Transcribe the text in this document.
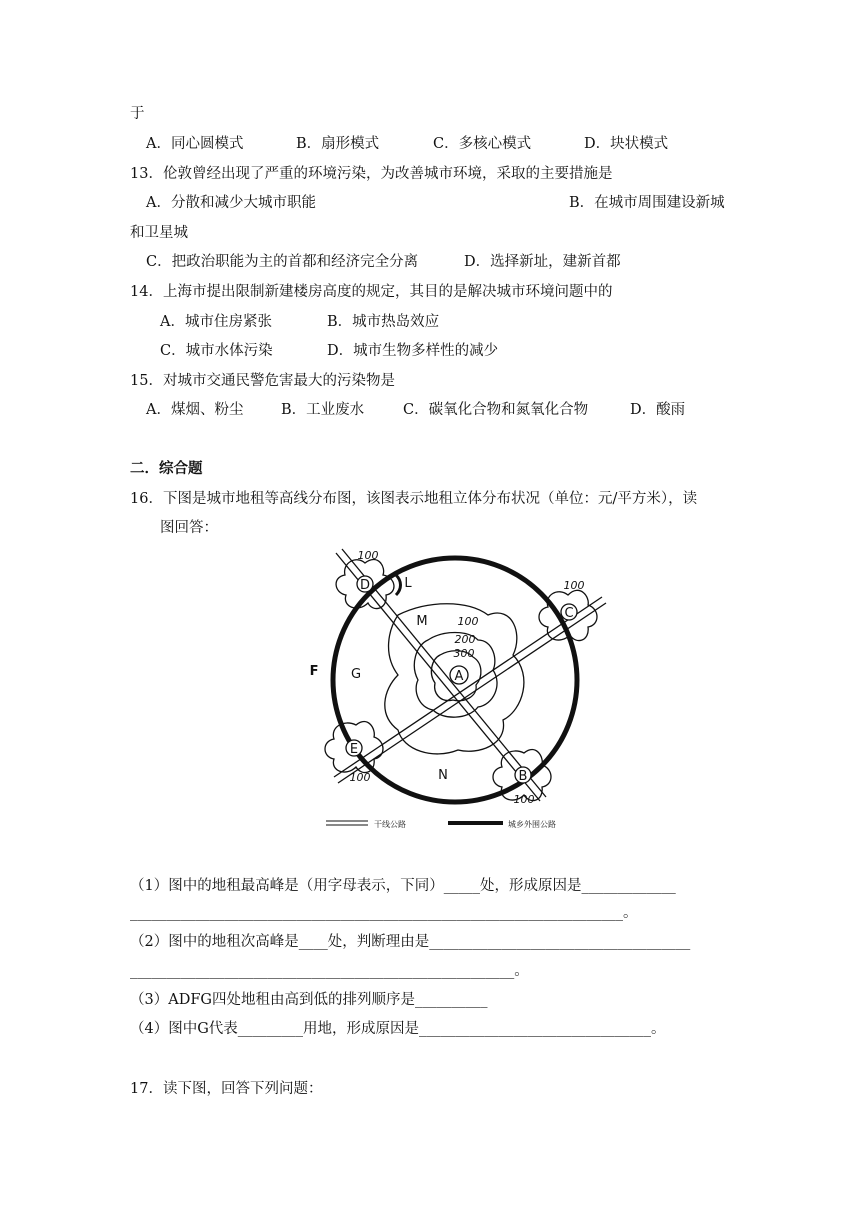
于
A．同心圆模式	B．扇形模式	C．多核心模式	D．块状模式
13．伦敦曾经出现了严重的环境污染，为改善城市环境，采取的主要措施是
A．分散和减少大城市职能	B．在城市周围建设新城
和卫星城
C．把政治职能为主的首都和经济完全分离	D．选择新址，建新首都
14．上海市提出限制新建楼房高度的规定，其目的是解决城市环境问题中的
A．城市住房紧张	B．城市热岛效应
C．城市水体污染	D．城市生物多样性的减少
15．对城市交通民警危害最大的污染物是
A．煤烟、粉尘	B．工业废水	C．碳氧化合物和氮氧化合物	D．酸雨
二．综合题
16．下图是城市地租等高线分布图，该图表示地租立体分布状况（单位：元/平方米），读
图回答：
A
D
C
E
B
L
M
G
N
F
100
200
300
100
100
100
100
干线公路	城乡外围公路
（1）图中的地租最高峰是（用字母表示，下同）_____处，形成原因是_____________
____________________________________________________________________。
（2）图中的地租次高峰是____处，判断理由是____________________________________
_____________________________________________________。
（3）ADFG四处地租由高到低的排列顺序是__________
（4）图中G代表_________用地，形成原因是________________________________。
17．读下图，回答下列问题：
